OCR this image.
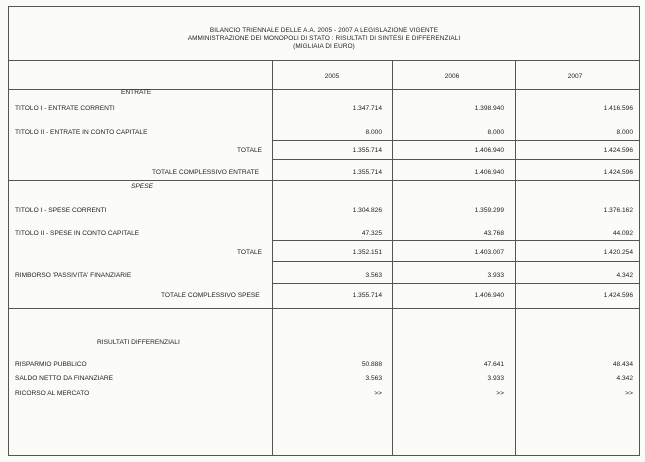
BILANCIO TRIENNALE DELLE A.A. 2005 - 2007 A LEGISLAZIONE VIGENTE
AMMINISTRAZIONE DEI MONOPOLI DI STATO : RISULTATI DI SINTESI E DIFFERENZIALI
(MIGLIAIA DI EURO)
2005	2006	2007
ENTRATE
TITOLO I - ENTRATE CORRENTI	1.347.714	1.398.940	1.416.596
TITOLO II - ENTRATE IN CONTO CAPITALE	8.000	8.000	8.000
TOTALE	1.355.714	1.406.940	1.424.596
TOTALE COMPLESSIVO ENTRATE	1.355.714	1.406.940	1.424.596
SPESE
TITOLO I - SPESE CORRENTI	1.304.826	1.359.299	1.376.162
TITOLO II - SPESE IN CONTO CAPITALE	47.325	43.768	44.092
TOTALE	1.352.151	1.403.007	1.420.254
RIMBORSO 'PASSIVITA' FINANZIARIE	3.563	3.933	4.342
TOTALE COMPLESSIVO SPESE	1.355.714	1.406.940	1.424.596
RISULTATI DIFFERENZIALI
RISPARMIO PUBBLICO	50.888	47.641	48.434
SALDO NETTO DA FINANZIARE	3.563	3.933	4.342
RICORSO AL MERCATO	>>	>>	>>
